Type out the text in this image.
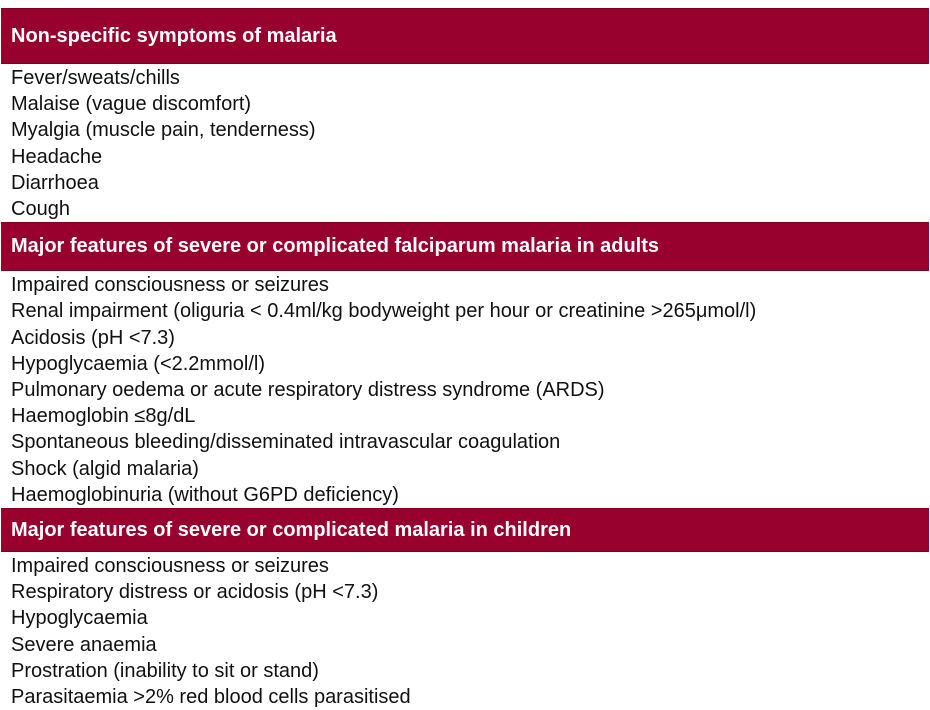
Non-specific symptoms of malaria
Fever/sweats/chills
Malaise (vague discomfort)
Myalgia (muscle pain, tenderness)
Headache
Diarrhoea
Cough
Major features of severe or complicated falciparum malaria in adults
Impaired consciousness or seizures
Renal impairment (oliguria < 0.4ml/kg bodyweight per hour or creatinine >265μmol/l)
Acidosis (pH <7.3)
Hypoglycaemia (<2.2mmol/l)
Pulmonary oedema or acute respiratory distress syndrome (ARDS)
Haemoglobin ≤8g/dL
Spontaneous bleeding/disseminated intravascular coagulation
Shock (algid malaria)
Haemoglobinuria (without G6PD deficiency)
Major features of severe or complicated malaria in children
Impaired consciousness or seizures
Respiratory distress or acidosis (pH <7.3)
Hypoglycaemia
Severe anaemia
Prostration (inability to sit or stand)
Parasitaemia >2% red blood cells parasitised
